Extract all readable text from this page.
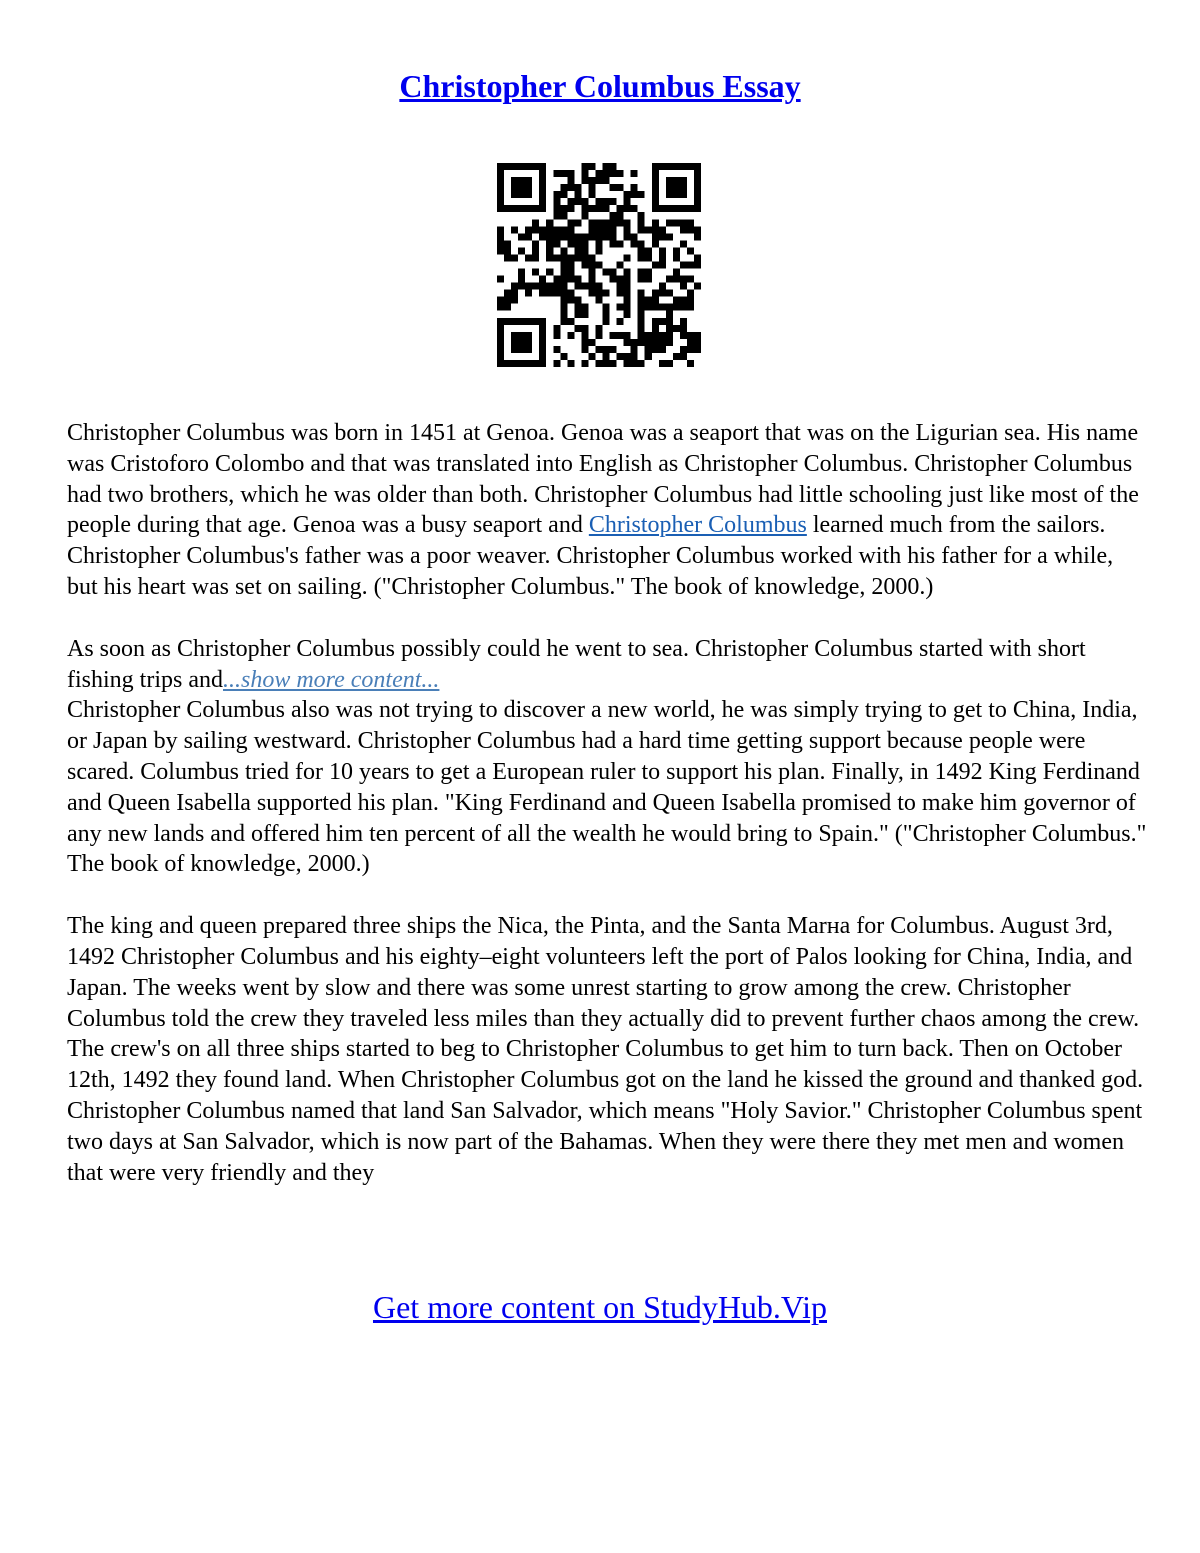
Christopher Columbus Essay

Christopher Columbus was born in 1451 at Genoa. Genoa was a seaport that was on the Ligurian sea. His name was Cristoforo Colombo and that was translated into English as Christopher Columbus. Christopher Columbus had two brothers, which he was older than both. Christopher Columbus had little schooling just like most of the people during that age. Genoa was a busy seaport and Christopher Columbus learned much from the sailors. Christopher Columbus's father was a poor weaver. Christopher Columbus worked with his father for a while, but his heart was set on sailing. ("Christopher Columbus." The book of knowledge, 2000.)

As soon as Christopher Columbus possibly could he went to sea. Christopher Columbus started with short fishing trips and...show more content...

Christopher Columbus also was not trying to discover a new world, he was simply trying to get to China, India, or Japan by sailing westward. Christopher Columbus had a hard time getting support because people were scared. Columbus tried for 10 years to get a European ruler to support his plan. Finally, in 1492 King Ferdinand and Queen Isabella supported his plan. "King Ferdinand and Queen Isabella promised to make him governor of any new lands and offered him ten percent of all the wealth he would bring to Spain." ("Christopher Columbus." The book of knowledge, 2000.)

The king and queen prepared three ships the Nica, the Pinta, and the Santa Маrна for Columbus. August 3rd, 1492 Christopher Columbus and his eighty–eight volunteers left the port of Palos looking for China, India, and Japan. The weeks went by slow and there was some unrest starting to grow among the crew. Christopher Columbus told the crew they traveled less miles than they actually did to prevent further chaos among the crew. The crew's on all three ships started to beg to Christopher Columbus to get him to turn back. Then on October 12th, 1492 they found land. When Christopher Columbus got on the land he kissed the ground and thanked god. Christopher Columbus named that land San Salvador, which means "Holy Savior." Christopher Columbus spent two days at San Salvador, which is now part of the Bahamas. When they were there they met men and women that were very friendly and they

Get more content on StudyHub.Vip
